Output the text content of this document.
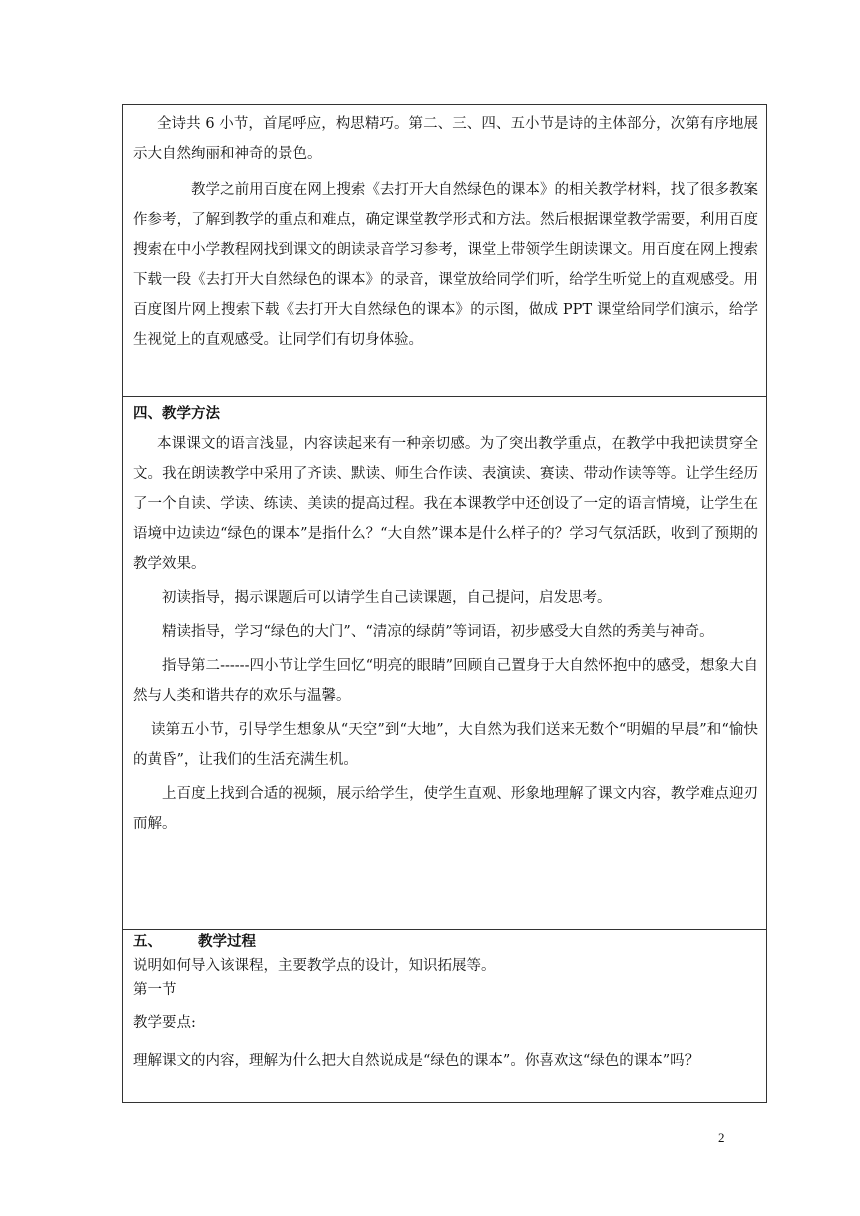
全诗共 6 小节，首尾呼应，构思精巧。第二、三、四、五小节是诗的主体部分，次第有序地展示大自然绚丽和神奇的景色。

教学之前用百度在网上搜索《去打开大自然绿色的课本》的相关教学材料，找了很多教案作参考，了解到教学的重点和难点，确定课堂教学形式和方法。然后根据课堂教学需要，利用百度搜索在中小学教程网找到课文的朗读录音学习参考，课堂上带领学生朗读课文。用百度在网上搜索下载一段《去打开大自然绿色的课本》的录音，课堂放给同学们听，给学生听觉上的直观感受。用百度图片网上搜索下载《去打开大自然绿色的课本》的示图，做成 PPT 课堂给同学们演示，给学生视觉上的直观感受。让同学们有切身体验。

四、教学方法

本课课文的语言浅显，内容读起来有一种亲切感。为了突出教学重点，在教学中我把读贯穿全文。我在朗读教学中采用了齐读、默读、师生合作读、表演读、赛读、带动作读等等。让学生经历了一个自读、学读、练读、美读的提高过程。我在本课教学中还创设了一定的语言情境，让学生在语境中边读边“绿色的课本”是指什么？“大自然”课本是什么样子的？学习气氛活跃，收到了预期的教学效果。

初读指导，揭示课题后可以请学生自己读课题，自己提问，启发思考。

精读指导，学习“绿色的大门”、“清凉的绿荫”等词语，初步感受大自然的秀美与神奇。

指导第二------四小节让学生回忆“明亮的眼睛”回顾自己置身于大自然怀抱中的感受，想象大自然与人类和谐共存的欢乐与温馨。

读第五小节，引导学生想象从“天空”到“大地”，大自然为我们送来无数个“明媚的早晨”和“愉快的黄昏”，让我们的生活充满生机。

上百度上找到合适的视频，展示给学生，使学生直观、形象地理解了课文内容，教学难点迎刃而解。

五、 教学过程

说明如何导入该课程，主要教学点的设计，知识拓展等。

第一节

教学要点:

理解课文的内容，理解为什么把大自然说成是“绿色的课本”。你喜欢这“绿色的课本”吗？

2
